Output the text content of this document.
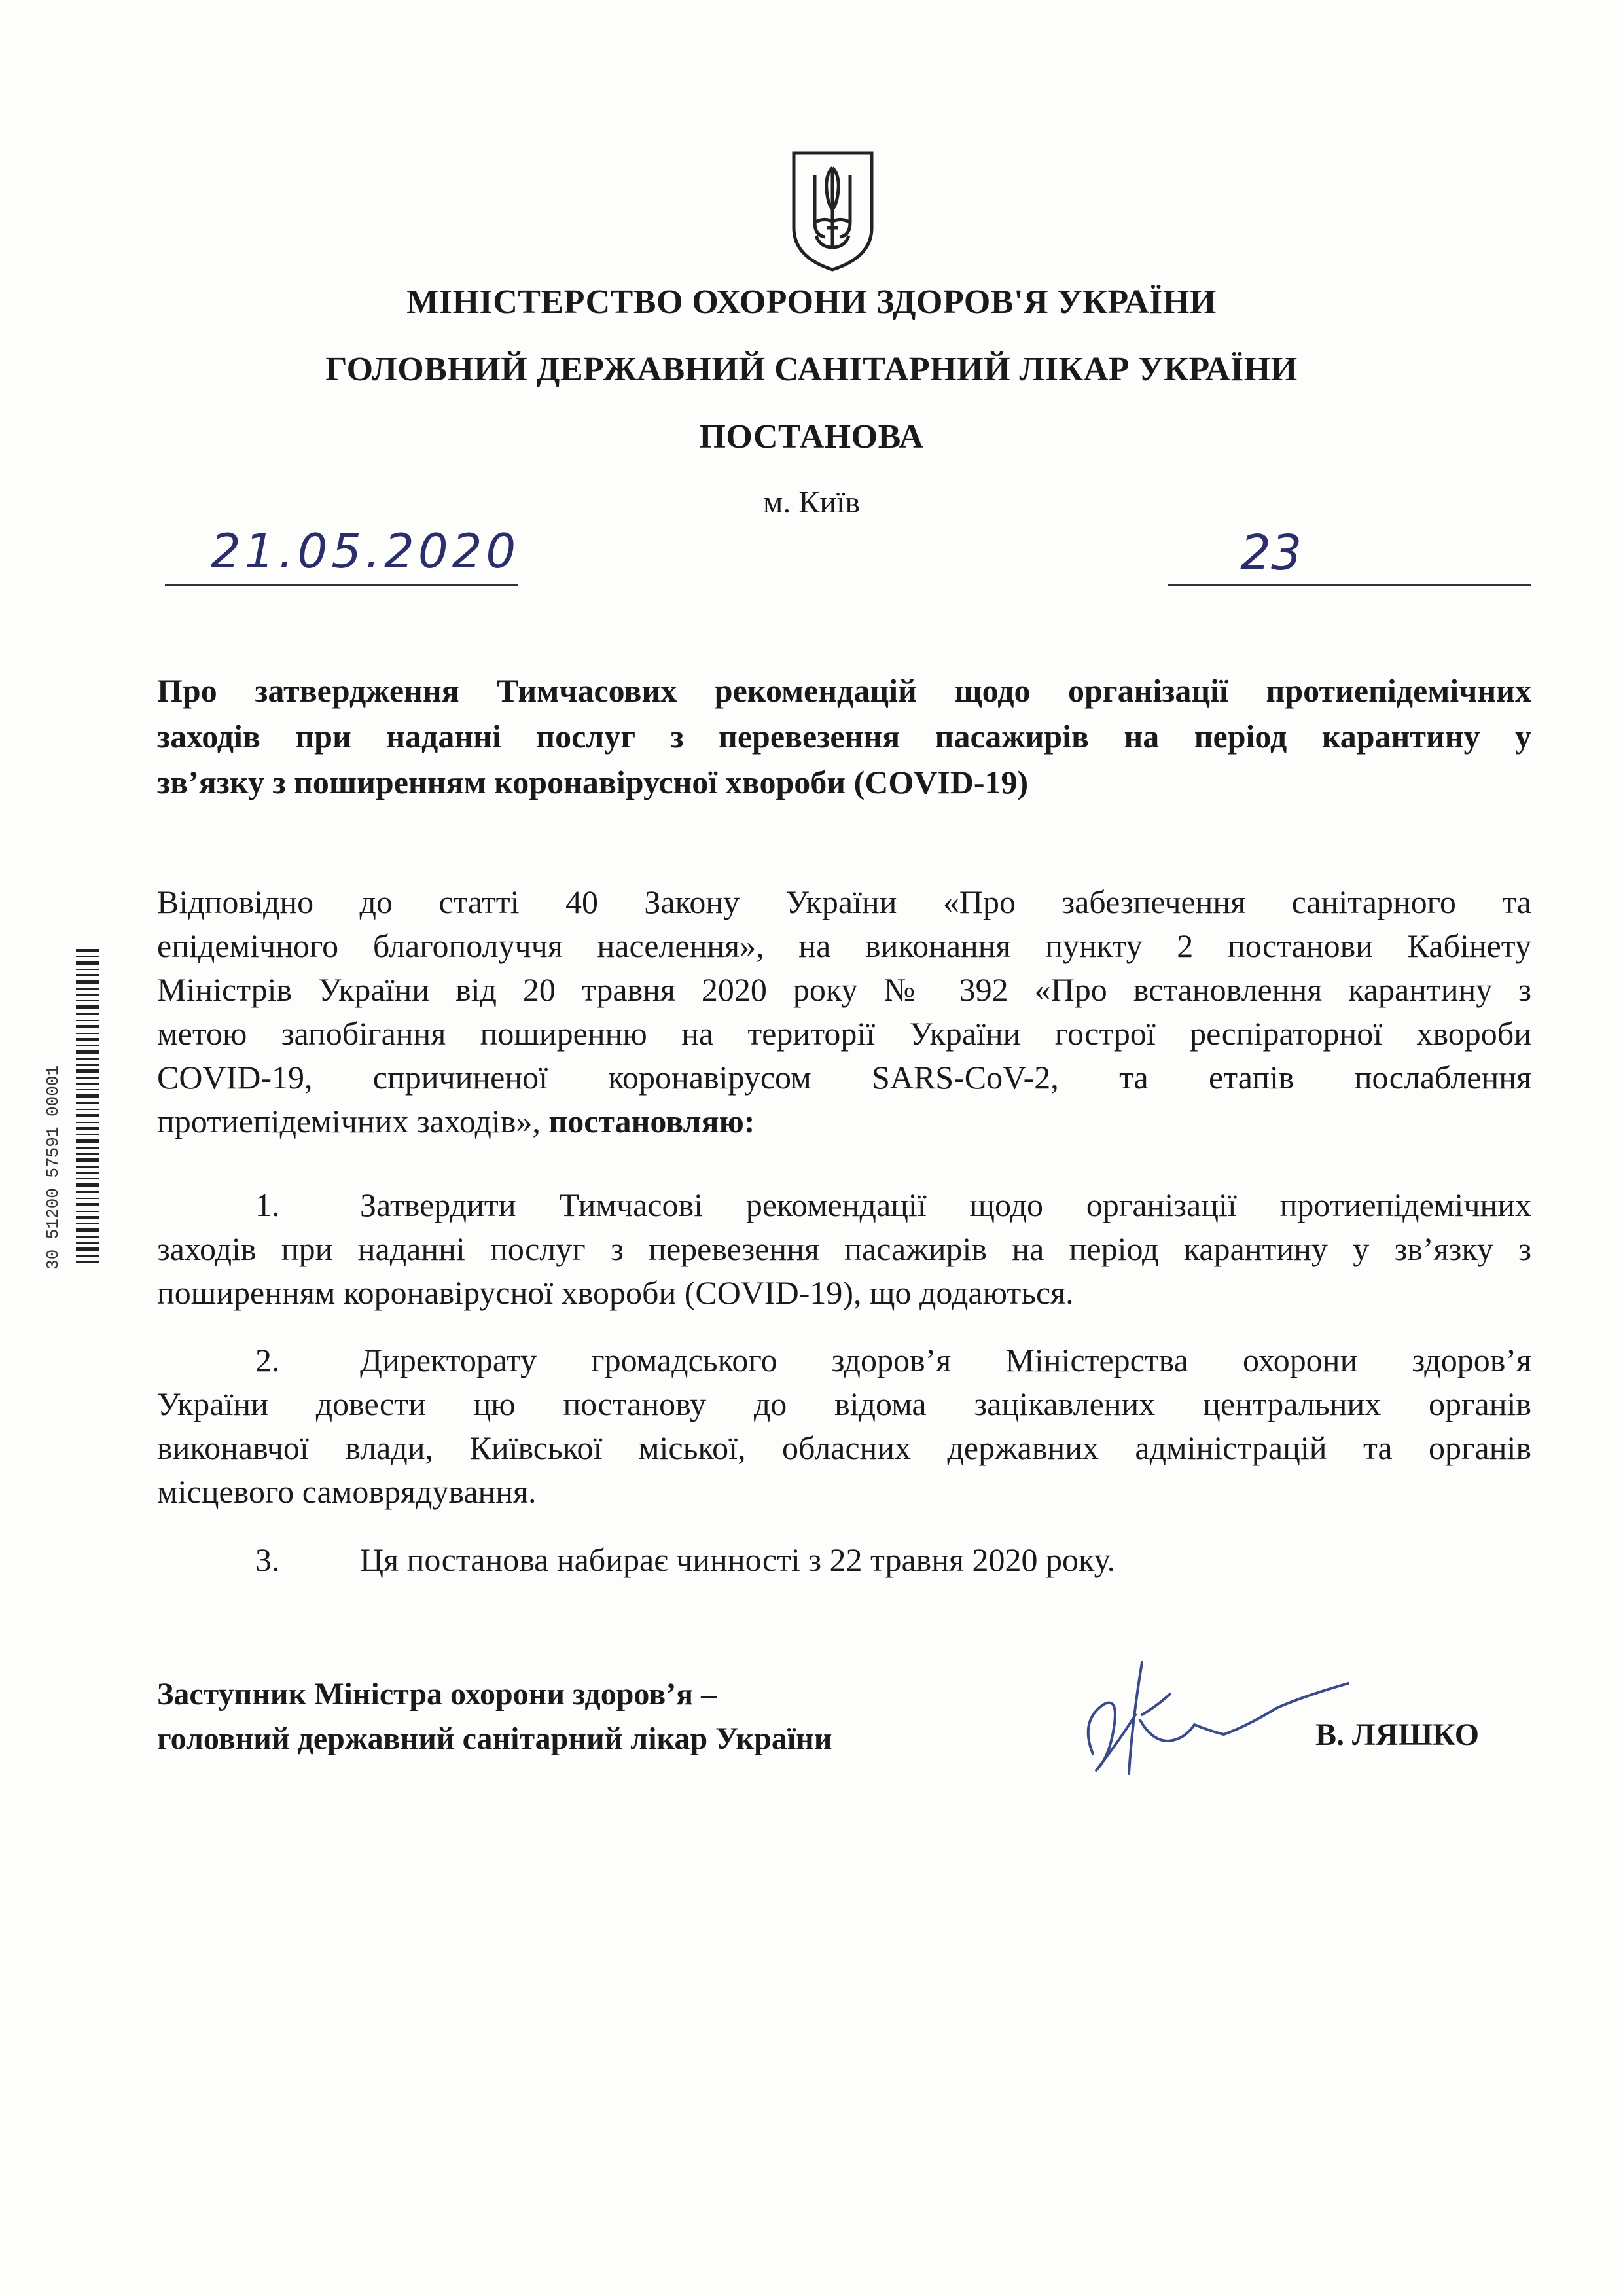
МІНІСТЕРСТВО ОХОРОНИ ЗДОРОВ'Я УКРАЇНИ
ГОЛОВНИЙ ДЕРЖАВНИЙ САНІТАРНИЙ ЛІКАР УКРАЇНИ
ПОСТАНОВА
м. Київ
21.05.2020	23
Про затвердження Тимчасових рекомендацій щодо організації протиепідемічних
заходів при наданні послуг з перевезення пасажирів на період карантину у
зв’язку з поширенням коронавірусної хвороби (COVID-19)
Відповідно до статті 40 Закону України «Про забезпечення санітарного та
епідемічного благополуччя населення», на виконання пункту 2 постанови Кабінету
Міністрів України від 20 травня 2020 року № 392 «Про встановлення карантину з
метою запобігання поширенню на території України гострої респіраторної хвороби
COVID-19, спричиненої коронавірусом SARS-CoV-2, та етапів послаблення
протиепідемічних заходів», постановляю:
1. Затвердити Тимчасові рекомендації щодо організації протиепідемічних
заходів при наданні послуг з перевезення пасажирів на період карантину у зв’язку з
поширенням коронавірусної хвороби (COVID-19), що додаються.
2. Директорату громадського здоров’я Міністерства охорони здоров’я
України довести цю постанову до відома зацікавлених центральних органів
виконавчої влади, Київської міської, обласних державних адміністрацій та органів
місцевого самоврядування.
3. Ця постанова набирає чинності з 22 травня 2020 року.
Заступник Міністра охорони здоров’я –
головний державний санітарний лікар України	В. ЛЯШКО
30 51200 57591 00001
